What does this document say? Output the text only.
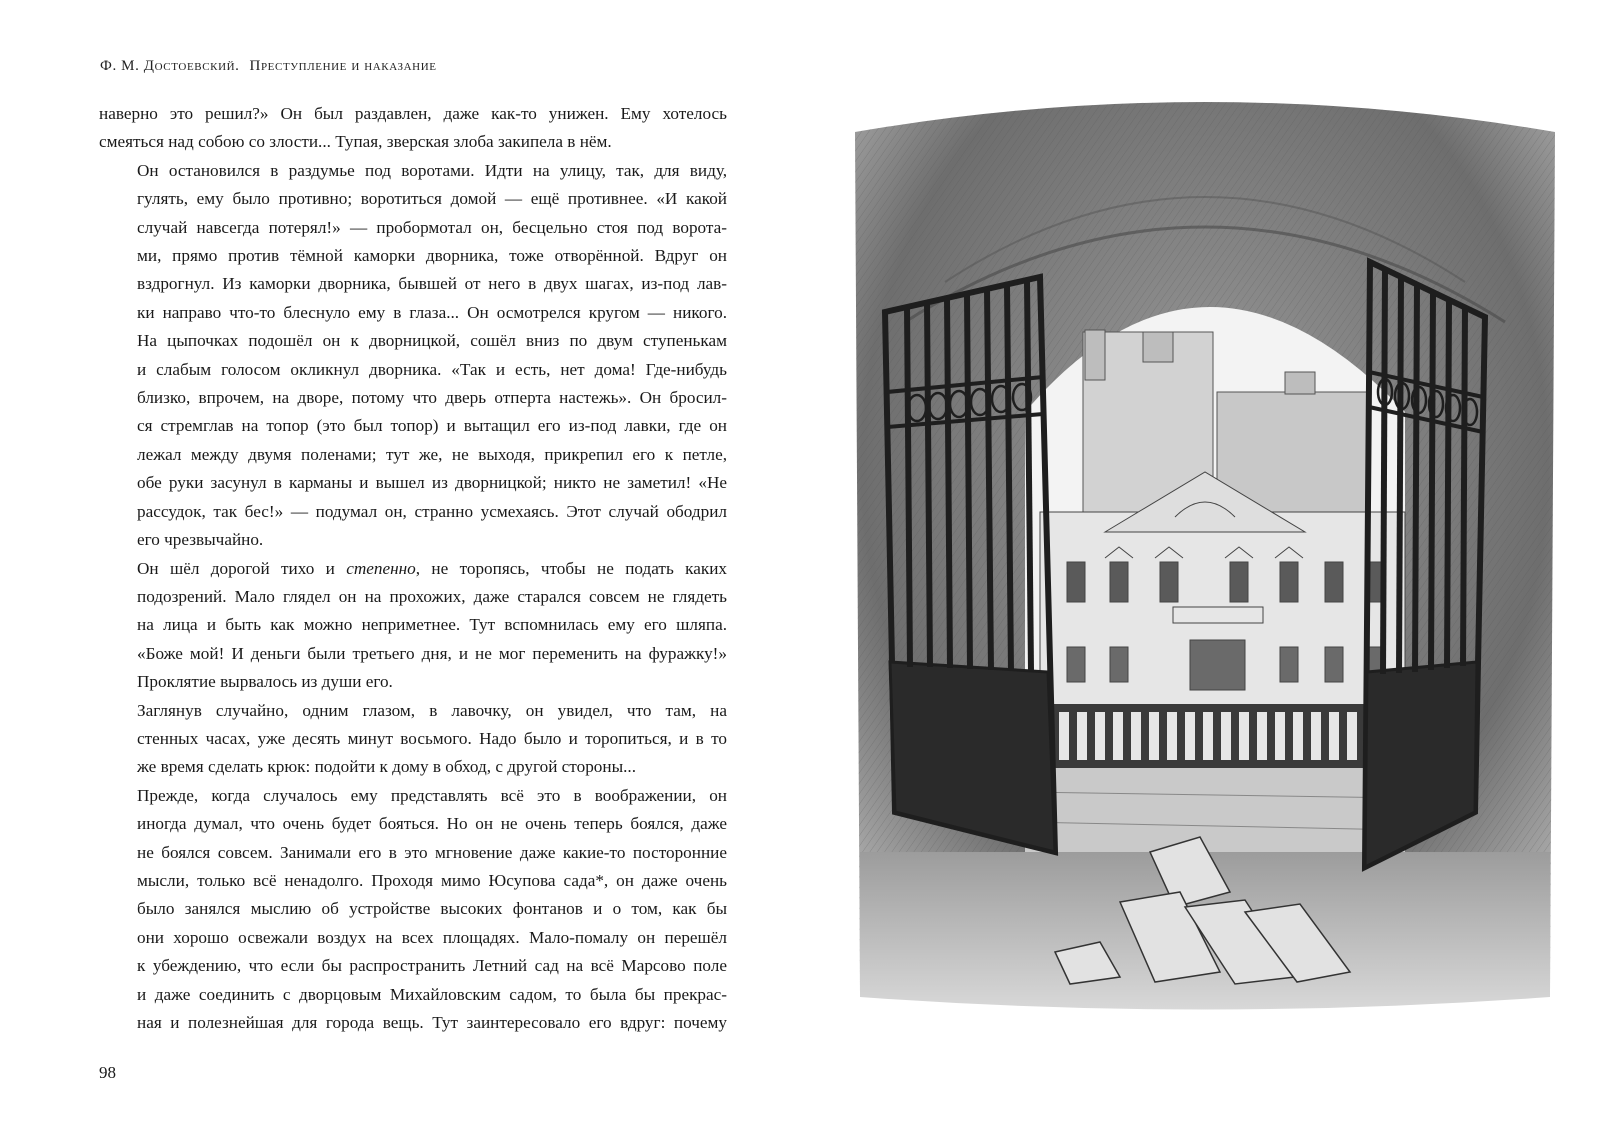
Ф. М. Достоевский. Преступление и наказание

наверно это решил?» Он был раздавлен, даже как-то унижен. Ему хотелось
смеяться над собою со злости... Тупая, зверская злоба закипела в нём.

Он остановился в раздумье под воротами. Идти на улицу, так, для виду,
гулять, ему было противно; воротиться домой — ещё противнее. «И какой
случай навсегда потерял!» — пробормотал он, бесцельно стоя под ворота-
ми, прямо против тёмной каморки дворника, тоже отворённой. Вдруг он
вздрогнул. Из каморки дворника, бывшей от него в двух шагах, из-под лав-
ки направо что-то блеснуло ему в глаза... Он осмотрелся кругом — никого.
На цыпочках подошёл он к дворницкой, сошёл вниз по двум ступенькам
и слабым голосом окликнул дворника. «Так и есть, нет дома! Где-нибудь
близко, впрочем, на дворе, потому что дверь отперта настежь». Он бросил-
ся стремглав на топор (это был топор) и вытащил его из-под лавки, где он
лежал между двумя поленами; тут же, не выходя, прикрепил его к петле,
обе руки засунул в карманы и вышел из дворницкой; никто не заметил! «Не
рассудок, так бес!» — подумал он, странно усмехаясь. Этот случай ободрил
его чрезвычайно.

Он шёл дорогой тихо и степенно, не торопясь, чтобы не подать каких
подозрений. Мало глядел он на прохожих, даже старался совсем не глядеть
на лица и быть как можно неприметнее. Тут вспомнилась ему его шляпа.
«Боже мой! И деньги были третьего дня, и не мог переменить на фуражку!»
Проклятие вырвалось из души его.

Заглянув случайно, одним глазом, в лавочку, он увидел, что там, на
стенных часах, уже десять минут восьмого. Надо было и торопиться, и в то
же время сделать крюк: подойти к дому в обход, с другой стороны...

Прежде, когда случалось ему представлять всё это в воображении, он
иногда думал, что очень будет бояться. Но он не очень теперь боялся, даже
не боялся совсем. Занимали его в это мгновение даже какие-то посторонние
мысли, только всё ненадолго. Проходя мимо Юсупова сада*, он даже очень
было занялся мыслию об устройстве высоких фонтанов и о том, как бы
они хорошо освежали воздух на всех площадях. Мало-помалу он перешёл
к убеждению, что если бы распространить Летний сад на всё Марсово поле
и даже соединить с дворцовым Михайловским садом, то была бы прекрас-
ная и полезнейшая для города вещь. Тут заинтересовало его вдруг: почему

98
